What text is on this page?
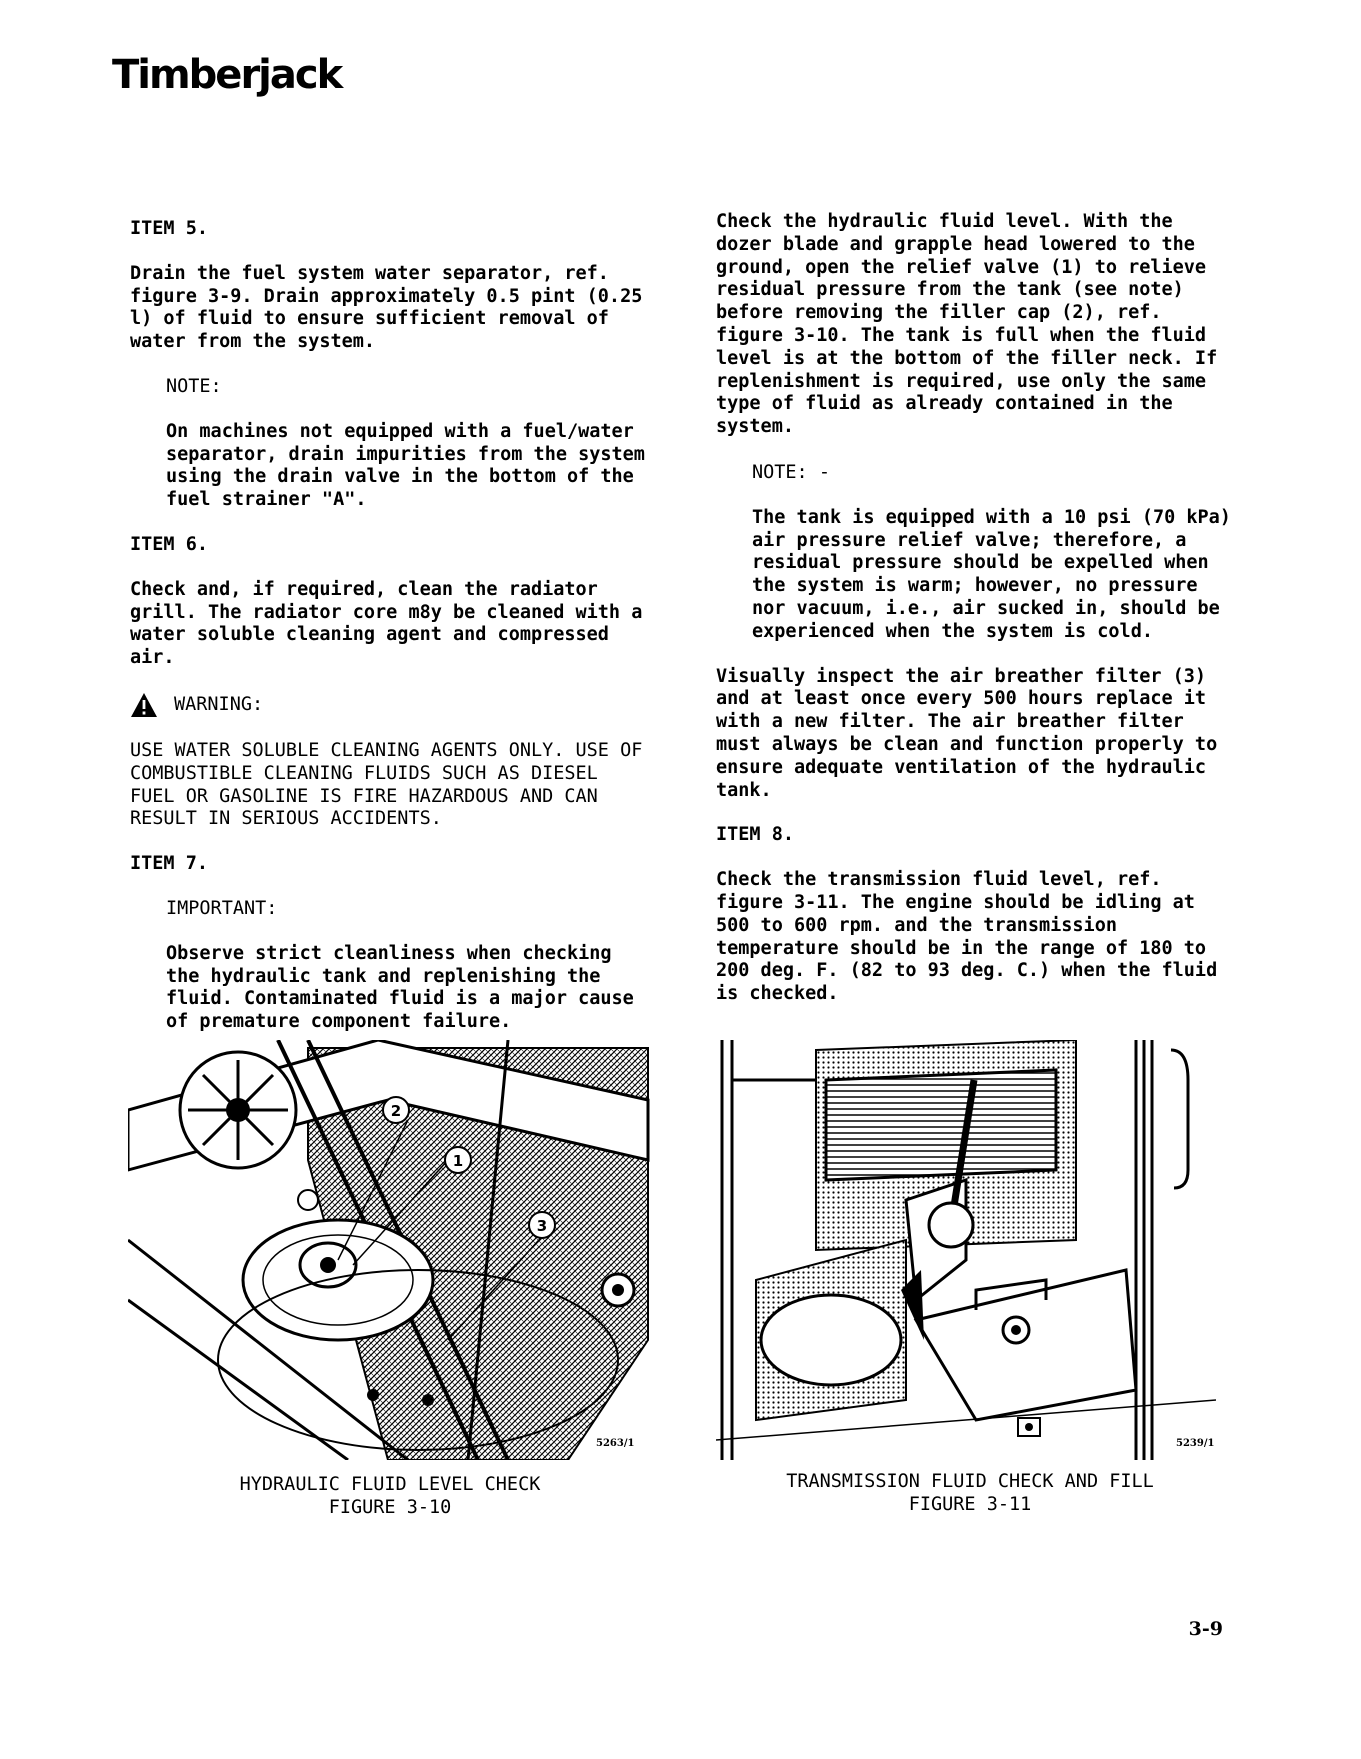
Timberjack

ITEM 5.

Drain the fuel system water separator, ref. figure 3-9. Drain approximately 0.5 pint (0.25 l) of fluid to ensure sufficient removal of water from the system.

NOTE:

On machines not equipped with a fuel/water separator, drain impurities from the system using the drain valve in the bottom of the fuel strainer "A".

ITEM 6.

Check and, if required, clean the radiator grill. The radiator core m8y be cleaned with a water soluble cleaning agent and compressed air.

WARNING:

USE WATER SOLUBLE CLEANING AGENTS ONLY. USE OF COMBUSTIBLE CLEANING FLUIDS SUCH AS DIESEL FUEL OR GASOLINE IS FIRE HAZARDOUS AND CAN RESULT IN SERIOUS ACCIDENTS.

ITEM 7.

IMPORTANT:

Observe strict cleanliness when checking the hydraulic tank and replenishing the fluid. Contaminated fluid is a major cause of premature component failure.

Check the hydraulic fluid level. With the dozer blade and grapple head lowered to the ground, open the relief valve (1) to relieve residual pressure from the tank (see note) before removing the filler cap (2), ref. figure 3-10. The tank is full when the fluid level is at the bottom of the filler neck. If replenishment is required, use only the same type of fluid as already contained in the system.

NOTE: -

The tank is equipped with a 10 psi (70 kPa) air pressure relief valve; therefore, a residual pressure should be expelled when the system is warm; however, no pressure nor vacuum, i.e., air sucked in, should be experienced when the system is cold.

Visually inspect the air breather filter (3) and at least once every 500 hours replace it with a new filter. The air breather filter must always be clean and function properly to ensure adequate ventilation of the hydraulic tank.

ITEM 8.

Check the transmission fluid level, ref. figure 3-11. The engine should be idling at 500 to 600 rpm. and the transmission temperature should be in the range of 180 to 200 deg. F. (82 to 93 deg. C.) when the fluid is checked.

2
1
3
5263/1
HYDRAULIC FLUID LEVEL CHECK
FIGURE 3-10
5239/1
TRANSMISSION FLUID CHECK AND FILL
FIGURE 3-11
3-9
